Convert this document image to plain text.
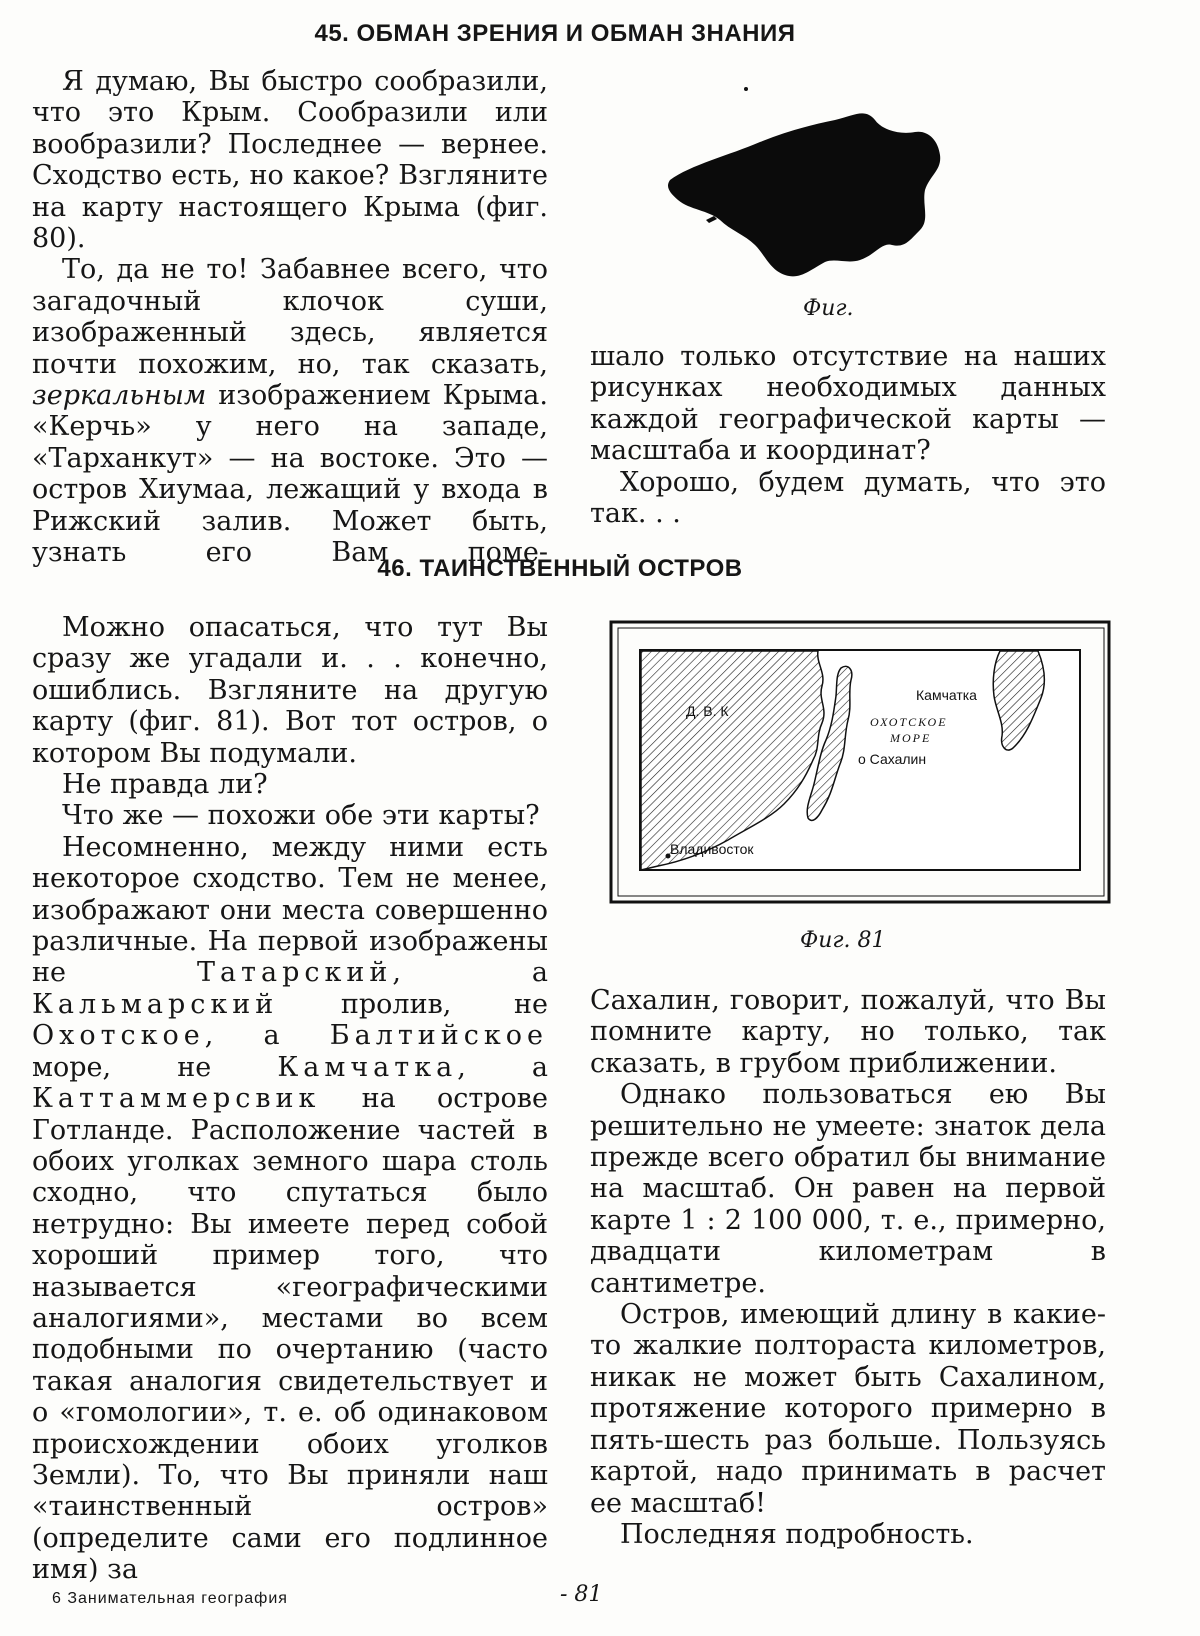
45. ОБМАН ЗРЕНИЯ И ОБМАН ЗНАНИЯ

Я думаю, Вы быстро сообразили, что это Крым. Сообразили или вообразили? Последнее — вернее. Сходство есть, но какое? Взгляните на карту настоящего Крыма (фиг. 80).

То, да не то! Забавнее всего, что загадочный клочок суши, изображенный здесь, является почти похожим, но, так сказать, зеркальным изображением Крыма. «Керчь» у него на западе, «Тарханкут» — на востоке. Это — остров Хиумаа, лежащий у входа в Рижский залив. Может быть, узнать его Вам поме-

Фиг.

шало только отсутствие на наших рисунках необходимых данных каждой географической карты — масштаба и координат?

Хорошо, будем думать, что это так. . .

46. ТАИНСТВЕННЫЙ ОСТРОВ

Можно опасаться, что тут Вы сразу же угадали и. . . конечно, ошиблись. Взгляните на другую карту (фиг. 81). Вот тот остров, о котором Вы подумали.

Не правда ли?

Что же — похожи обе эти карты?

Несомненно, между ними есть некоторое сходство. Тем не менее, изображают они места совершенно различные. На первой изображены не	Татарский, а Кальмарский пролив, не Охотское, а Балтийское море, не Камчатка, а Каттаммерсвик на острове Готланде. Расположение частей в обоих уголках земного шара столь сходно, что спутаться было нетрудно: Вы имеете перед собой хороший пример того, что называется «географическими аналогиями», местами во всем подобными по очертанию (часто такая аналогия свидетельствует и о «гомологии», т. е. об одинаковом происхождении обоих уголков Земли). То, что Вы приняли наш «таинственный остров» (определите сами его подлинное имя) за

Д. В. К
Камчатка
ОХОТСКОЕ
МОРЕ
о Сахалин
Владивосток
Фиг. 81

Сахалин, говорит, пожалуй, что Вы помните карту, но только, так сказать, в грубом приближении.

Однако пользоваться ею Вы решительно не умеете: знаток дела прежде всего обратил бы внимание на масштаб. Он равен на первой карте 1 : 2 100 000, т. е., примерно, двадцати километрам в сантиметре.

Остров, имеющий длину в какие-то жалкие полтораста километров, никак не может быть Сахалином, протяжение которого примерно в пять-шесть раз больше. Пользуясь картой, надо принимать в расчет ее масштаб!

Последняя подробность.

6 Занимательная география	- 81
